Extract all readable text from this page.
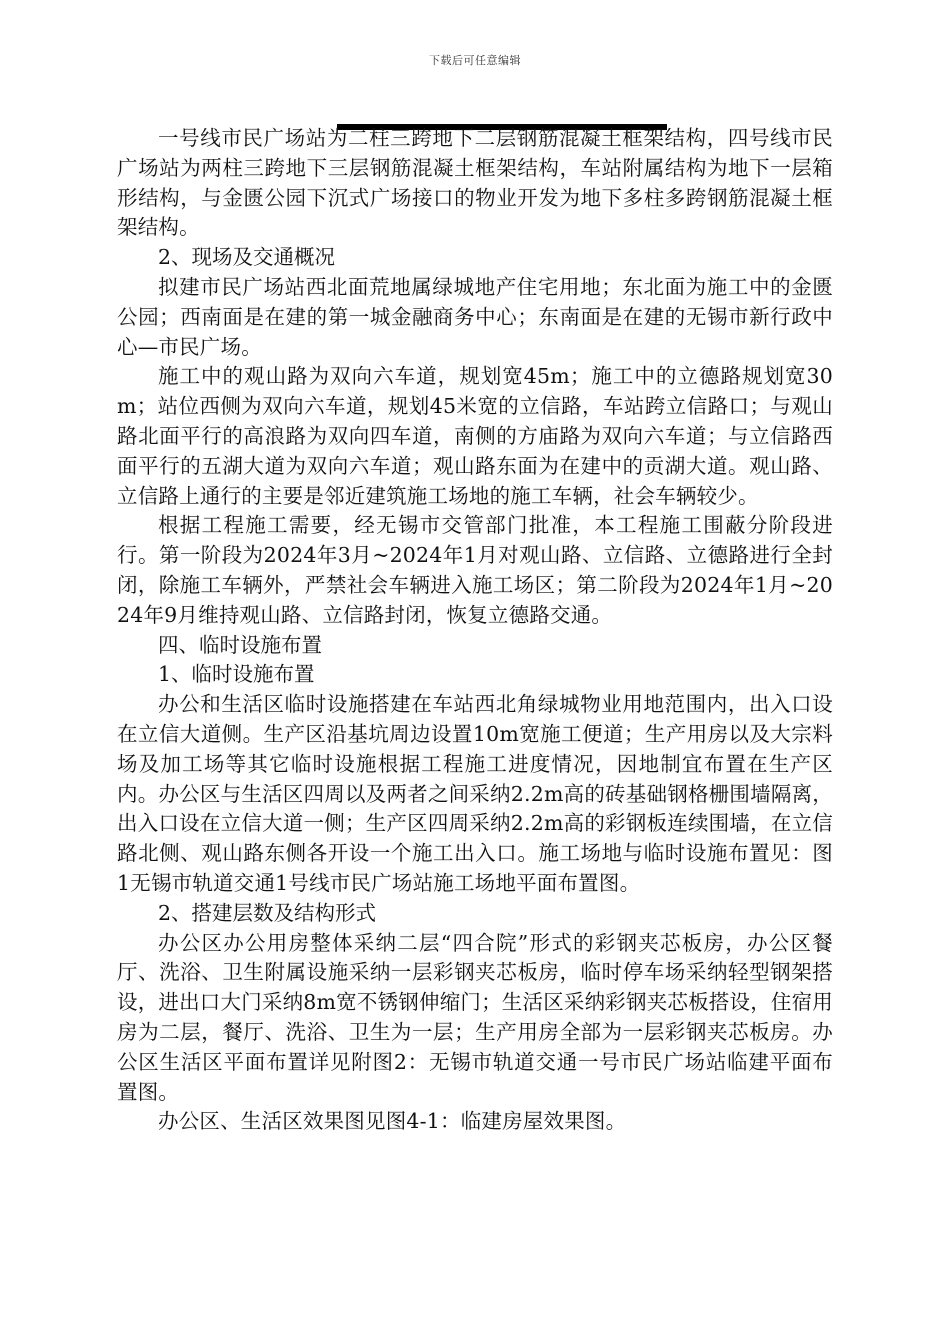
下载后可任意编辑

一号线市民广场站为二柱三跨地下二层钢筋混凝土框架结构，四号线市民广场站为两柱三跨地下三层钢筋混凝土框架结构，车站附属结构为地下一层箱形结构，与金匮公园下沉式广场接口的物业开发为地下多柱多跨钢筋混凝土框架结构。

2、现场及交通概况

拟建市民广场站西北面荒地属绿城地产住宅用地；东北面为施工中的金匮公园；西南面是在建的第一城金融商务中心；东南面是在建的无锡市新行政中心—市民广场。

施工中的观山路为双向六车道，规划宽45m；施工中的立德路规划宽30m；站位西侧为双向六车道，规划45米宽的立信路，车站跨立信路口；与观山路北面平行的高浪路为双向四车道，南侧的方庙路为双向六车道；与立信路西面平行的五湖大道为双向六车道；观山路东面为在建中的贡湖大道。观山路、立信路上通行的主要是邻近建筑施工场地的施工车辆，社会车辆较少。

根据工程施工需要，经无锡市交管部门批准，本工程施工围蔽分阶段进行。第一阶段为2024年3月~2024年1月对观山路、立信路、立德路进行全封闭，除施工车辆外，严禁社会车辆进入施工场区；第二阶段为2024年1月~2024年9月维持观山路、立信路封闭，恢复立德路交通。

四、临时设施布置

1、临时设施布置

办公和生活区临时设施搭建在车站西北角绿城物业用地范围内，出入口设在立信大道侧。生产区沿基坑周边设置10m宽施工便道；生产用房以及大宗料场及加工场等其它临时设施根据工程施工进度情况，因地制宜布置在生产区内。办公区与生活区四周以及两者之间采纳2.2m高的砖基础钢格栅围墙隔离，出入口设在立信大道一侧；生产区四周采纳2.2m高的彩钢板连续围墙，在立信路北侧、观山路东侧各开设一个施工出入口。施工场地与临时设施布置见：图1无锡市轨道交通1号线市民广场站施工场地平面布置图。

2、搭建层数及结构形式

办公区办公用房整体采纳二层“四合院”形式的彩钢夹芯板房，办公区餐厅、洗浴、卫生附属设施采纳一层彩钢夹芯板房，临时停车场采纳轻型钢架搭设，进出口大门采纳8m宽不锈钢伸缩门；生活区采纳彩钢夹芯板搭设，住宿用房为二层，餐厅、洗浴、卫生为一层；生产用房全部为一层彩钢夹芯板房。办公区生活区平面布置详见附图2：无锡市轨道交通一号市民广场站临建平面布置图。

办公区、生活区效果图见图4-1：临建房屋效果图。
